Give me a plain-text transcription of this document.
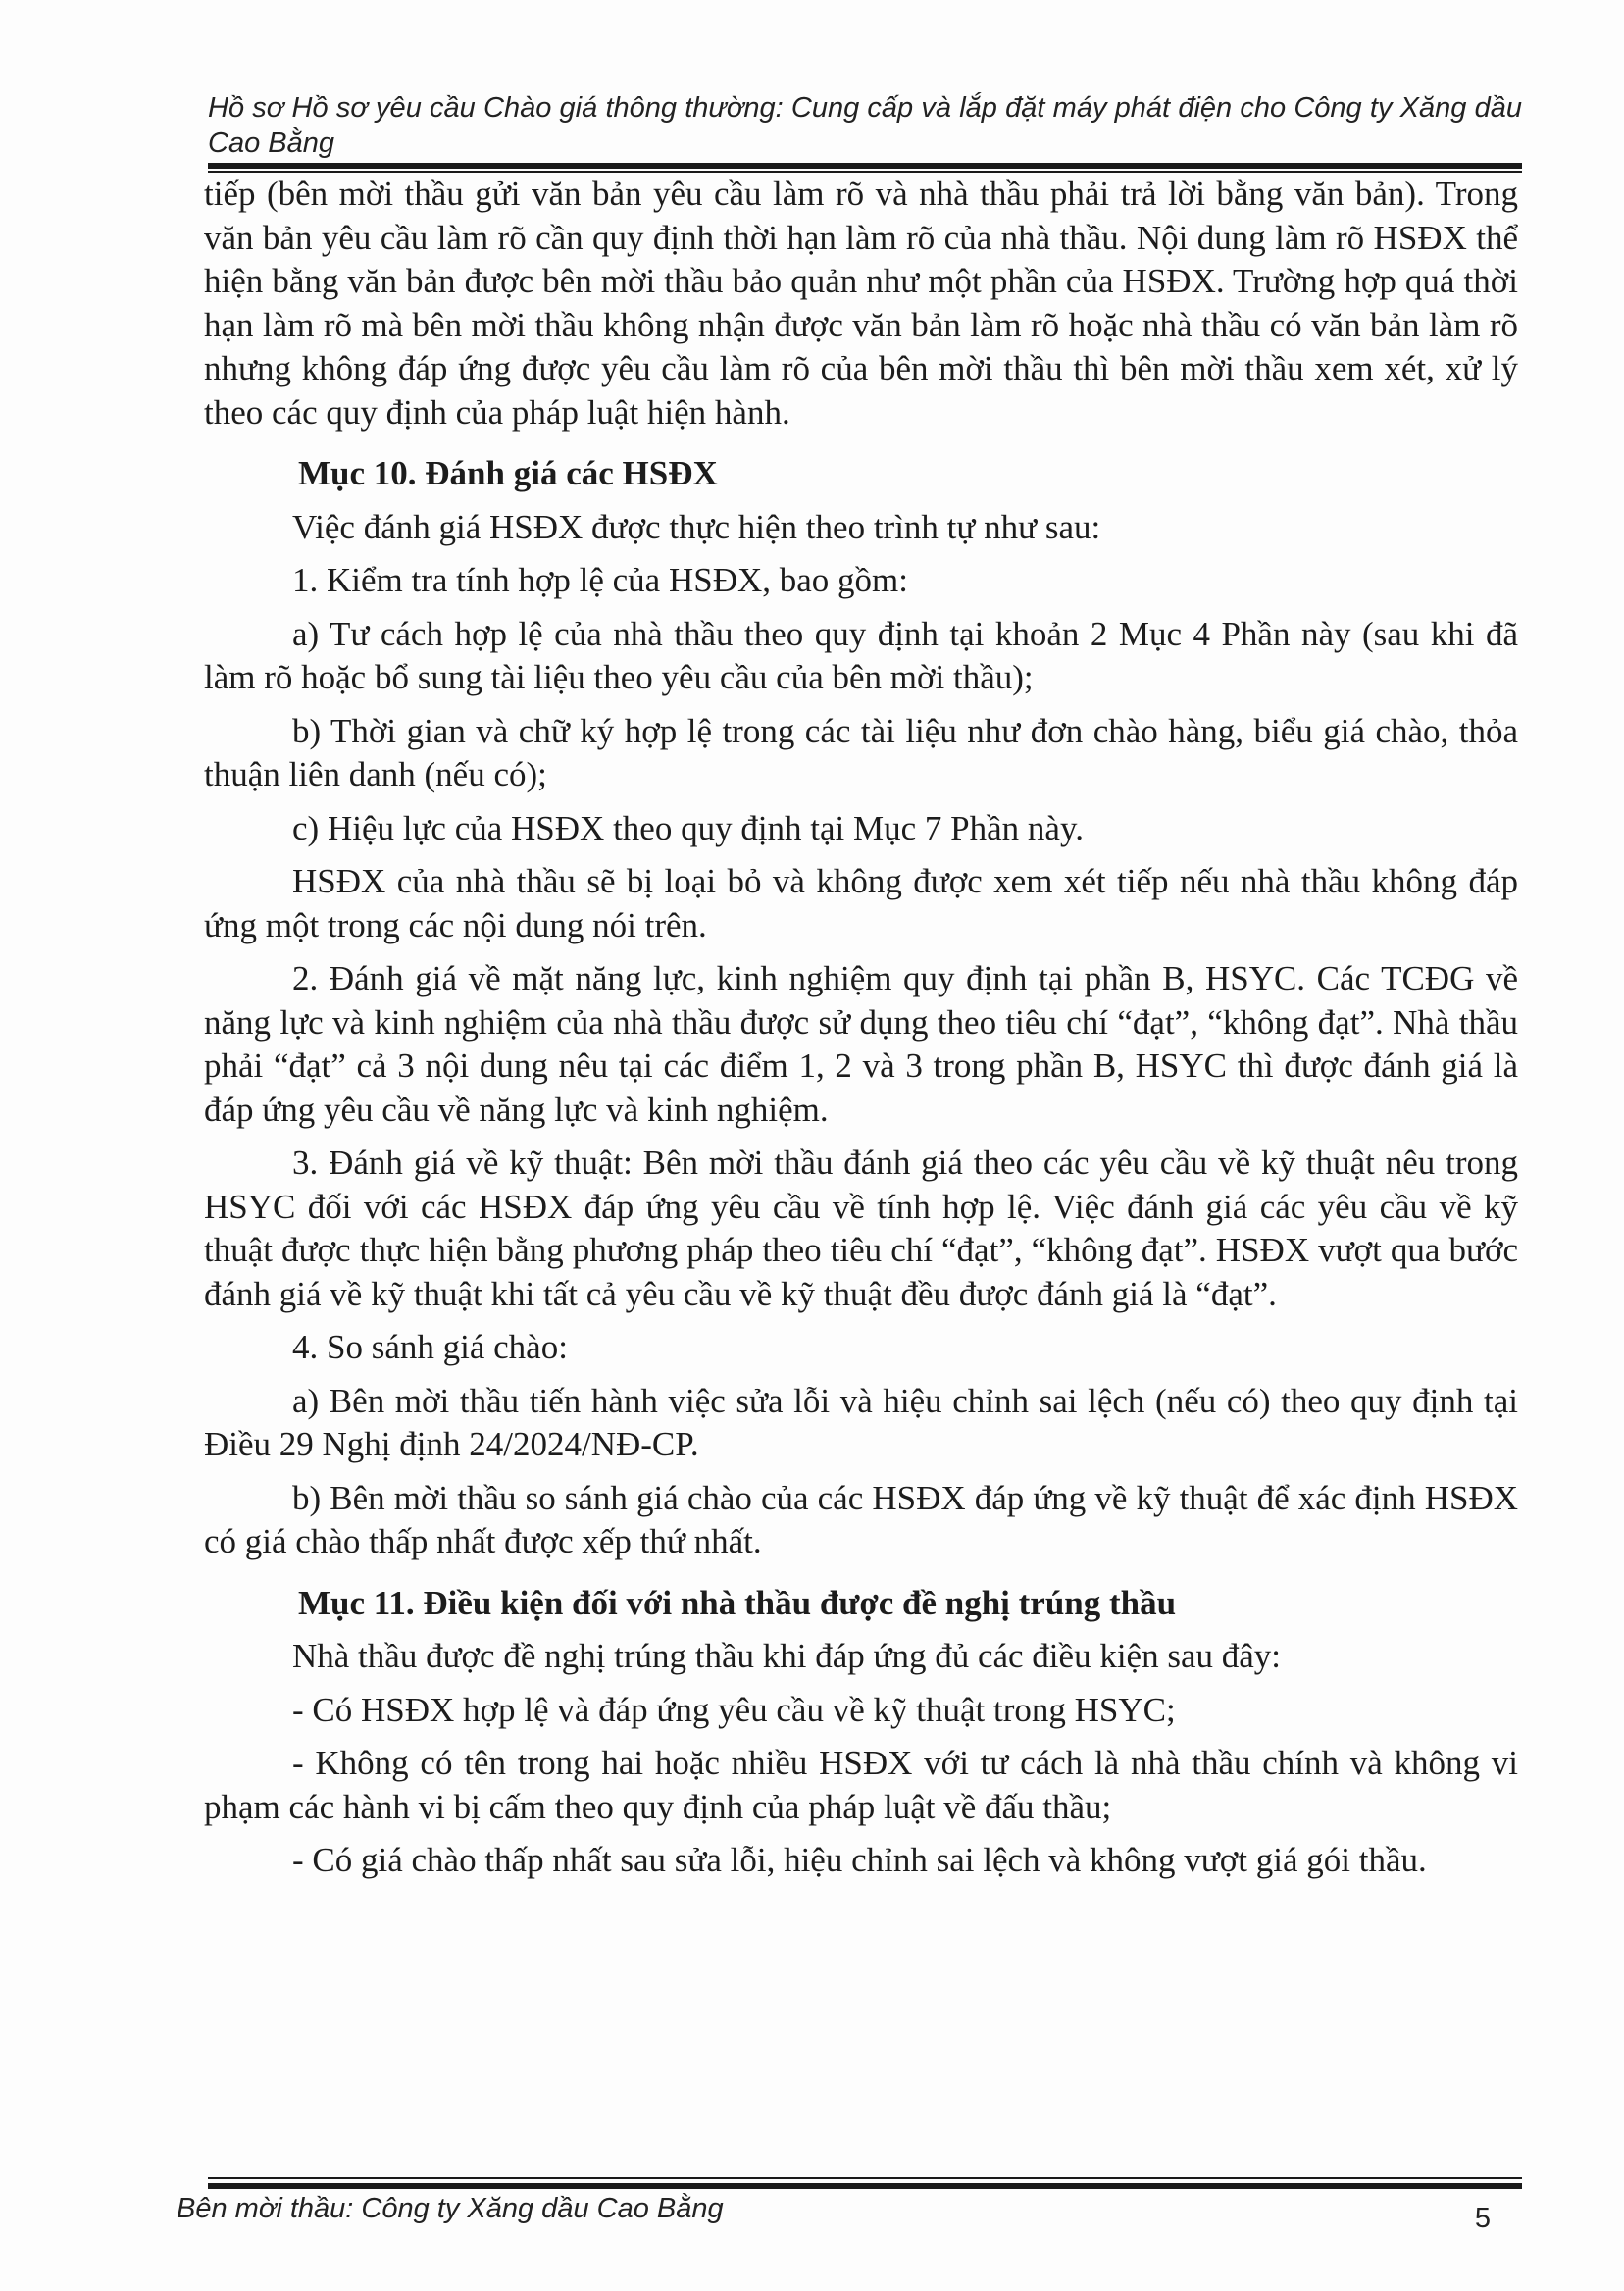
Hồ sơ Hồ sơ yêu cầu Chào giá thông thường: Cung cấp và lắp đặt máy phát điện cho Công ty Xăng dầu Cao Bằng

tiếp (bên mời thầu gửi văn bản yêu cầu làm rõ và nhà thầu phải trả lời bằng văn bản). Trong văn bản yêu cầu làm rõ cần quy định thời hạn làm rõ của nhà thầu. Nội dung làm rõ HSĐX thể hiện bằng văn bản được bên mời thầu bảo quản như một phần của HSĐX. Trường hợp quá thời hạn làm rõ mà bên mời thầu không nhận được văn bản làm rõ hoặc nhà thầu có văn bản làm rõ nhưng không đáp ứng được yêu cầu làm rõ của bên mời thầu thì bên mời thầu xem xét, xử lý theo các quy định của pháp luật hiện hành.

Mục 10. Đánh giá các HSĐX

Việc đánh giá HSĐX được thực hiện theo trình tự như sau:

1. Kiểm tra tính hợp lệ của HSĐX, bao gồm:

a) Tư cách hợp lệ của nhà thầu theo quy định tại khoản 2 Mục 4 Phần này (sau khi đã làm rõ hoặc bổ sung tài liệu theo yêu cầu của bên mời thầu);

b) Thời gian và chữ ký hợp lệ trong các tài liệu như đơn chào hàng, biểu giá chào, thỏa thuận liên danh (nếu có);

c) Hiệu lực của HSĐX theo quy định tại Mục 7 Phần này.

HSĐX của nhà thầu sẽ bị loại bỏ và không được xem xét tiếp nếu nhà thầu không đáp ứng một trong các nội dung nói trên.

2. Đánh giá về mặt năng lực, kinh nghiệm quy định tại phần B, HSYC. Các TCĐG về năng lực và kinh nghiệm của nhà thầu được sử dụng theo tiêu chí “đạt”, “không đạt”. Nhà thầu phải “đạt” cả 3 nội dung nêu tại các điểm 1, 2 và 3 trong phần B, HSYC thì được đánh giá là đáp ứng yêu cầu về năng lực và kinh nghiệm.

3. Đánh giá về kỹ thuật: Bên mời thầu đánh giá theo các yêu cầu về kỹ thuật nêu trong HSYC đối với các HSĐX đáp ứng yêu cầu về tính hợp lệ. Việc đánh giá các yêu cầu về kỹ thuật được thực hiện bằng phương pháp theo tiêu chí “đạt”, “không đạt”. HSĐX vượt qua bước đánh giá về kỹ thuật khi tất cả yêu cầu về kỹ thuật đều được đánh giá là “đạt”.

4. So sánh giá chào:

a) Bên mời thầu tiến hành việc sửa lỗi và hiệu chỉnh sai lệch (nếu có) theo quy định tại Điều 29 Nghị định 24/2024/NĐ-CP.

b) Bên mời thầu so sánh giá chào của các HSĐX đáp ứng về kỹ thuật để xác định HSĐX có giá chào thấp nhất được xếp thứ nhất.

Mục 11. Điều kiện đối với nhà thầu được đề nghị trúng thầu

Nhà thầu được đề nghị trúng thầu khi đáp ứng đủ các điều kiện sau đây:

- Có HSĐX hợp lệ và đáp ứng yêu cầu về kỹ thuật trong HSYC;

- Không có tên trong hai hoặc nhiều HSĐX với tư cách là nhà thầu chính và không vi phạm các hành vi bị cấm theo quy định của pháp luật về đấu thầu;

- Có giá chào thấp nhất sau sửa lỗi, hiệu chỉnh sai lệch và không vượt giá gói thầu.

Bên mời thầu: Công ty Xăng dầu Cao Bằng	5
